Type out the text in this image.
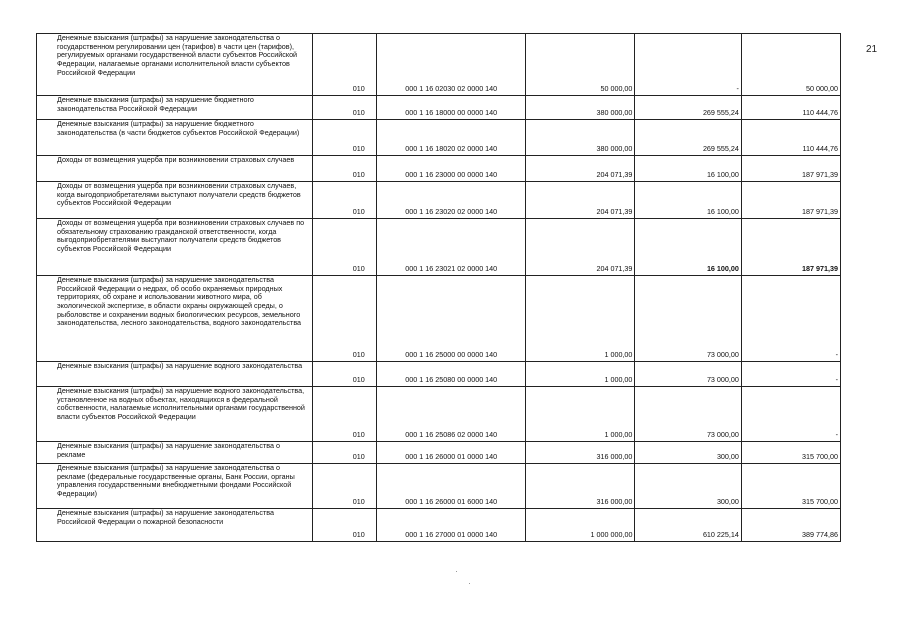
21
Денежные взыскания (штрафы) за нарушение законодательства о государственном регулировании цен (тарифов) в части цен (тарифов), регулируемых органами государственной власти субъектов Российской Федерации, налагаемые органами исполнительной власти субъектов Российской Федерации	010	000 1 16 02030 02 0000 140	50 000,00	-	50 000,00
Денежные взыскания (штрафы) за нарушение бюджетного законодательства Российской Федерации	010	000 1 16 18000 00 0000 140	380 000,00	269 555,24	110 444,76
Денежные взыскания (штрафы) за нарушение бюджетного законодательства (в части бюджетов субъектов Российской Федерации)	010	000 1 16 18020 02 0000 140	380 000,00	269 555,24	110 444,76
Доходы от возмещения ущерба при возникновении страховых случаев	010	000 1 16 23000 00 0000 140	204 071,39	16 100,00	187 971,39
Доходы от возмещения ущерба при возникновении страховых случаев, когда выгодоприобретателями выступают получатели средств бюджетов субъектов Российской Федерации	010	000 1 16 23020 02 0000 140	204 071,39	16 100,00	187 971,39
Доходы от возмещения ущерба при возникновении страховых случаев по обязательному страхованию гражданской ответственности, когда выгодоприобретателями выступают получатели средств бюджетов субъектов Российской Федерации	010	000 1 16 23021 02 0000 140	204 071,39	16 100,00	187 971,39
Денежные взыскания (штрафы) за нарушение законодательства Российской Федерации о недрах, об особо охраняемых природных территориях, об охране и использовании животного мира, об экологической экспертизе, в области охраны окружающей среды, о рыболовстве и сохранении водных биологических ресурсов, земельного законодательства, лесного законодательства, водного законодательства	010	000 1 16 25000 00 0000 140	1 000,00	73 000,00	-
Денежные взыскания (штрафы) за нарушение водного законодательства	010	000 1 16 25080 00 0000 140	1 000,00	73 000,00	-
Денежные взыскания (штрафы) за нарушение водного законодательства, установленное на водных объектах, находящихся в федеральной собственности, налагаемые исполнительными органами государственной власти субъектов Российской Федерации	010	000 1 16 25086 02 0000 140	1 000,00	73 000,00	-
Денежные взыскания (штрафы) за нарушение законодательства о рекламе	010	000 1 16 26000 01 0000 140	316 000,00	300,00	315 700,00
Денежные взыскания (штрафы) за нарушение законодательства о рекламе (федеральные государственные органы, Банк России, органы управления государственными внебюджетными фондами Российской Федерации)	010	000 1 16 26000 01 6000 140	316 000,00	300,00	315 700,00
Денежные взыскания (штрафы) за нарушение законодательства Российской Федерации о пожарной безопасности	010	000 1 16 27000 01 0000 140	1 000 000,00	610 225,14	389 774,86
